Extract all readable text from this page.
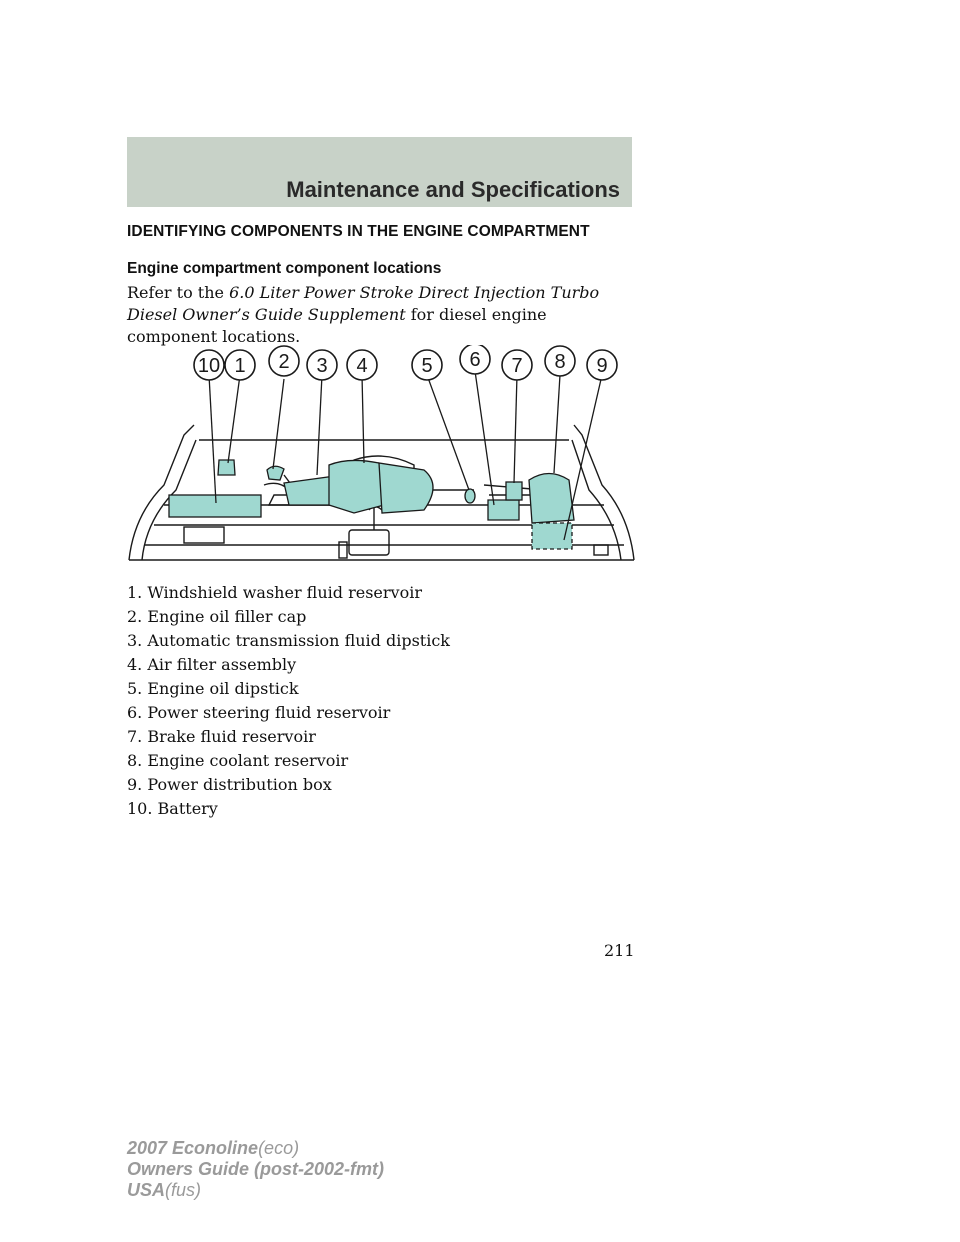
Maintenance and Specifications
IDENTIFYING COMPONENTS IN THE ENGINE COMPARTMENT
Engine compartment component locations
Refer to the 6.0 Liter Power Stroke Direct Injection Turbo Diesel Owner’s Guide Supplement for diesel engine component locations.
10 1 2 3 4	5 6 7 8 9
1. Windshield washer fluid reservoir
2. Engine oil filler cap
3. Automatic transmission fluid dipstick
4. Air filter assembly
5. Engine oil dipstick
6. Power steering fluid reservoir
7. Brake fluid reservoir
8. Engine coolant reservoir
9. Power distribution box
10. Battery
211
2007 Econoline(eco)
Owners Guide (post-2002-fmt)
USA(fus)
